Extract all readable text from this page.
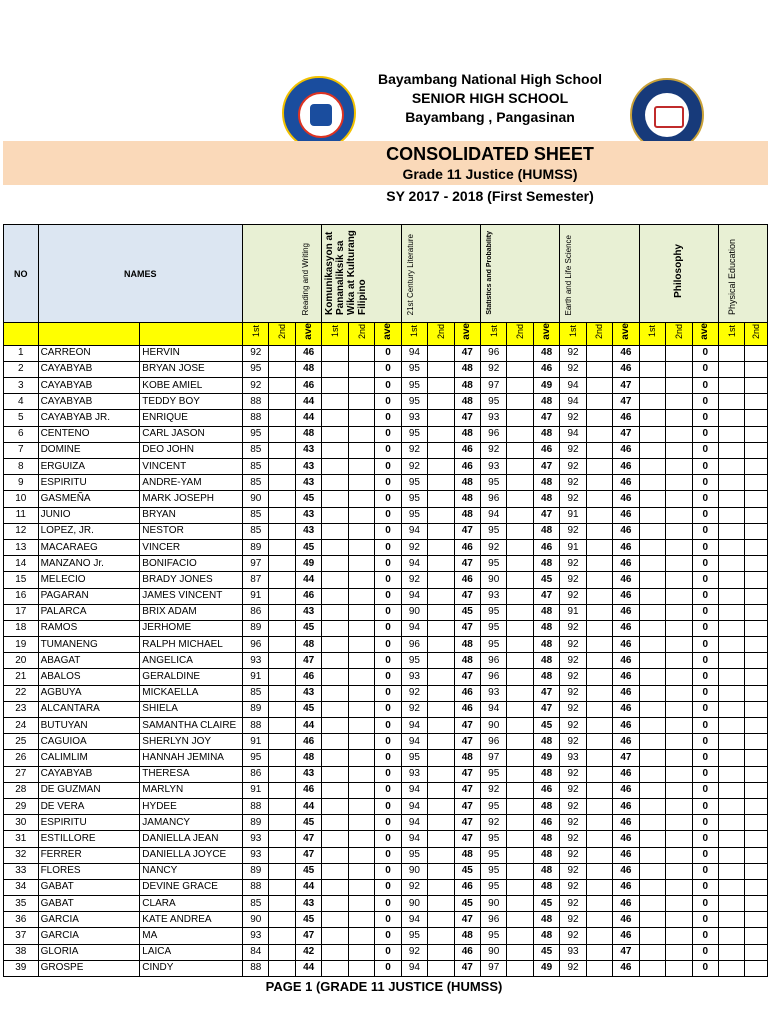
Bayambang National High School
SENIOR HIGH SCHOOL
Bayambang , Pangasinan
CONSOLIDATED SHEET
Grade 11 Justice (HUMSS)
SY 2017 - 2018 (First Semester)
NO	NAMES		Reading and Writing			Komunikasyon at Pananaliksik sa Wika at Kulturang Filipino			21st Century Literature			Statistics and Probability			Earth and Life Science			Philosophy			Physical Education	
			1st	2nd	ave	1st	2nd	ave	1st	2nd	ave	1st	2nd	ave	1st	2nd	ave	1st	2nd	ave	1st	2nd
1	CARREON	HERVIN	92		46			0	94		47	96		48	92		46			0		
2	CAYABYAB	BRYAN JOSE	95		48			0	95		48	92		46	92		46			0		
3	CAYABYAB	KOBE AMIEL	92		46			0	95		48	97		49	94		47			0		
4	CAYABYAB	TEDDY BOY	88		44			0	95		48	95		48	94		47			0		
5	CAYABYAB JR.	ENRIQUE	88		44			0	93		47	93		47	92		46			0		
6	CENTENO	CARL JASON	95		48			0	95		48	96		48	94		47			0		
7	DOMINE	DEO JOHN	85		43			0	92		46	92		46	92		46			0		
8	ERGUIZA	VINCENT	85		43			0	92		46	93		47	92		46			0		
9	ESPIRITU	ANDRE-YAM	85		43			0	95		48	95		48	92		46			0		
10	GASMEÑA	MARK JOSEPH	90		45			0	95		48	96		48	92		46			0		
11	JUNIO	BRYAN	85		43			0	95		48	94		47	91		46			0		
12	LOPEZ, JR.	NESTOR	85		43			0	94		47	95		48	92		46			0		
13	MACARAEG	VINCER	89		45			0	92		46	92		46	91		46			0		
14	MANZANO Jr.	BONIFACIO	97		49			0	94		47	95		48	92		46			0		
15	MELECIO	BRADY JONES	87		44			0	92		46	90		45	92		46			0		
16	PAGARAN	JAMES VINCENT	91		46			0	94		47	93		47	92		46			0		
17	PALARCA	BRIX ADAM	86		43			0	90		45	95		48	91		46			0		
18	RAMOS	JERHOME	89		45			0	94		47	95		48	92		46			0		
19	TUMANENG	RALPH MICHAEL	96		48			0	96		48	95		48	92		46			0		
20	ABAGAT	ANGELICA	93		47			0	95		48	96		48	92		46			0		
21	ABALOS	GERALDINE	91		46			0	93		47	96		48	92		46			0		
22	AGBUYA	MICKAELLA	85		43			0	92		46	93		47	92		46			0		
23	ALCANTARA	SHIELA	89		45			0	92		46	94		47	92		46			0		
24	BUTUYAN	SAMANTHA CLAIRE	88		44			0	94		47	90		45	92		46			0		
25	CAGUIOA	SHERLYN JOY	91		46			0	94		47	96		48	92		46			0		
26	CALIMLIM	HANNAH JEMINA	95		48			0	95		48	97		49	93		47			0		
27	CAYABYAB	THERESA	86		43			0	93		47	95		48	92		46			0		
28	DE GUZMAN	MARLYN	91		46			0	94		47	92		46	92		46			0		
29	DE VERA	HYDEE	88		44			0	94		47	95		48	92		46			0		
30	ESPIRITU	JAMANCY	89		45			0	94		47	92		46	92		46			0		
31	ESTILLORE	DANIELLA JEAN	93		47			0	94		47	95		48	92		46			0		
32	FERRER	DANIELLA JOYCE	93		47			0	95		48	95		48	92		46			0		
33	FLORES	NANCY	89		45			0	90		45	95		48	92		46			0		
34	GABAT	DEVINE GRACE	88		44			0	92		46	95		48	92		46			0		
35	GABAT	CLARA	85		43			0	90		45	90		45	92		46			0		
36	GARCIA	KATE ANDREA	90		45			0	94		47	96		48	92		46			0		
37	GARCIA	MA	93		47			0	95		48	95		48	92		46			0		
38	GLORIA	LAICA	84		42			0	92		46	90		45	93		47			0		
39	GROSPE	CINDY	88		44			0	94		47	97		49	92		46			0		
PAGE 1 (GRADE 11 JUSTICE (HUMSS)
